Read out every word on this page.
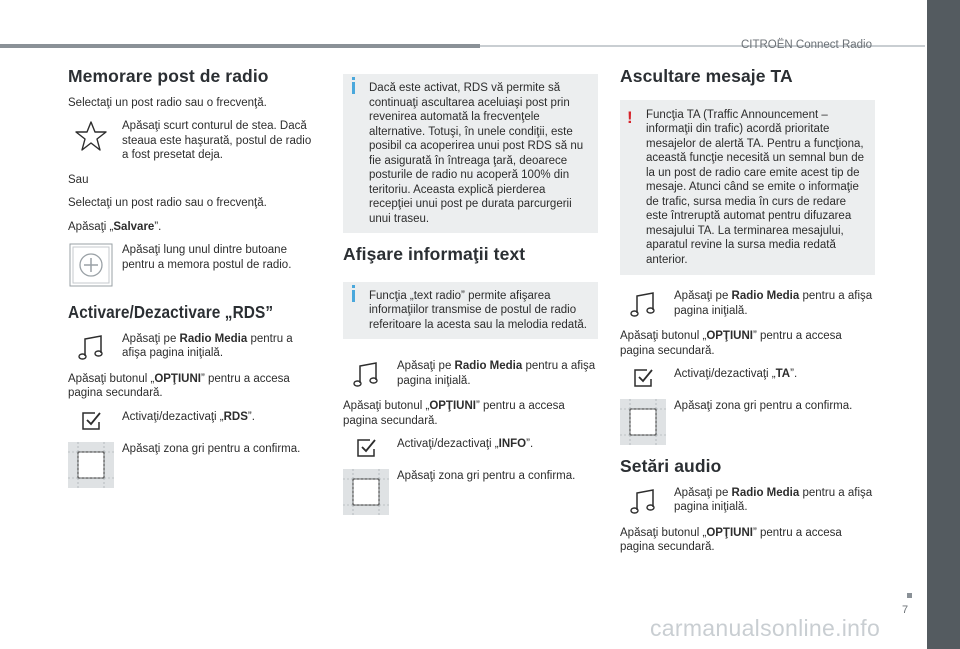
CITROËN Connect Radio
7
carmanualsonline.info
Memorare post de radio

Selectaţi un post radio sau o frecvenţă.

Apăsaţi scurt conturul de stea. Dacă steaua este haşurată, postul de radio a fost presetat deja.

Sau

Selectaţi un post radio sau o frecvenţă.

Apăsaţi „Salvare”.

Apăsaţi lung unul dintre butoane pentru a memora postul de radio.
Activare/Dezactivare „RDS”
Apăsaţi pe Radio Media pentru a afişa pagina iniţială.

Apăsaţi butonul „OPŢIUNI” pentru a accesa pagina secundară.

Activaţi/dezactivaţi „RDS”.
Apăsaţi zona gri pentru a confirma.
Dacă este activat, RDS vă permite să continuaţi ascultarea aceluiaşi post prin revenirea automată la frecvenţele alternative. Totuşi, în unele condiţii, este posibil ca acoperirea unui post RDS să nu fie asigurată în întreaga ţară, deoarece posturile de radio nu acoperă 100% din teritoriu. Aceasta explică pierderea recepţiei unui post pe durata parcurgerii unui traseu.
Afişare informaţii text
Funcţia „text radio” permite afişarea informaţiilor transmise de postul de radio referitoare la acesta sau la melodia redată.
Apăsaţi pe Radio Media pentru a afişa pagina iniţială.

Apăsaţi butonul „OPŢIUNI” pentru a accesa pagina secundară.

Activaţi/dezactivaţi „INFO”.
Apăsaţi zona gri pentru a confirma.
Ascultare mesaje TA
! Funcţia TA (Traffic Announcement – informaţii din trafic) acordă prioritate mesajelor de alertă TA. Pentru a funcţiona, această funcţie necesită un semnal bun de la un post de radio care emite acest tip de mesaje. Atunci când se emite o informaţie de trafic, sursa media în curs de redare este întreruptă automat pentru difuzarea mesajului TA. La terminarea mesajului, aparatul revine la sursa media redată anterior.
Apăsaţi pe Radio Media pentru a afişa pagina iniţială.

Apăsaţi butonul „OPŢIUNI” pentru a accesa pagina secundară.

Activaţi/dezactivaţi „TA”.
Apăsaţi zona gri pentru a confirma.
Setări audio
Apăsaţi pe Radio Media pentru a afişa pagina iniţială.

Apăsaţi butonul „OPŢIUNI” pentru a accesa pagina secundară.
